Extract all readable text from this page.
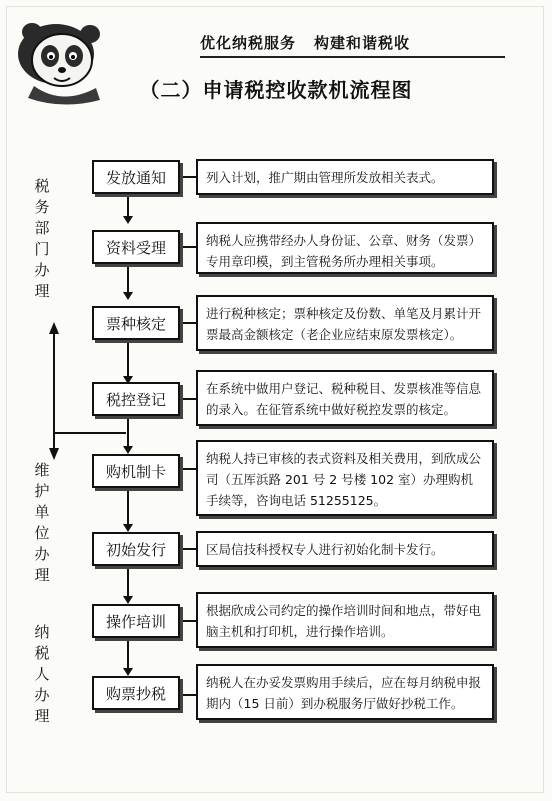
优化纳税服务 构建和谐税收
（二）申请税控收款机流程图
税
务
部
门
办
理
维
护
单
位
办
理
纳
税
人
办
理
发放通知
资料受理
票种核定
税控登记
购机制卡
初始发行
操作培训
购票抄税
列入计划，推广期由管理所发放相关表式。
纳税人应携带经办人身份证、公章、财务（发票）专用章印模，到主管税务所办理相关事项。
进行税种核定；票种核定及份数、单笔及月累计开票最高金额核定（老企业应结束原发票核定）。
在系统中做用户登记、税种税目、发票核准等信息的录入。在征管系统中做好税控发票的核定。
纳税人持已审核的表式资料及相关费用，到欣成公司（五厍浜路 201 号 2 号楼 102 室）办理购机手续等，咨询电话 51255125。
区局信技科授权专人进行初始化制卡发行。
根据欣成公司约定的操作培训时间和地点，带好电脑主机和打印机，进行操作培训。
纳税人在办妥发票购用手续后，应在每月纳税申报期内（15 日前）到办税服务厅做好抄税工作。
